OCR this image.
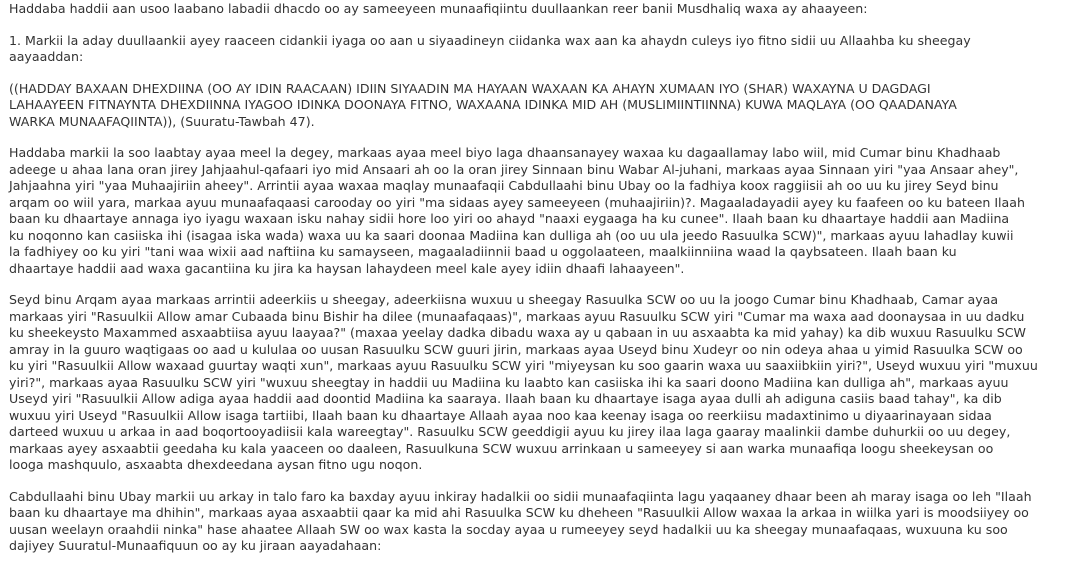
Haddaba haddii aan usoo laabano labadii dhacdo oo ay sameeyeen munaafiqiintu duullaankan reer banii Musdhaliq waxa ay ahaayeen:

1. Markii la aday duullaankii ayey raaceen cidankii iyaga oo aan u siyaadineyn ciidanka wax aan ka ahaydn culeys iyo fitno sidii uu Allaahba ku sheegay
aayaaddan:

((HADDAY BAXAAN DHEXDIINA (OO AY IDIN RAACAAN) IDIIN SIYAADIN MA HAYAAN WAXAAN KA AHAYN XUMAAN IYO (SHAR) WAXAYNA U DAGDAGI
LAHAAYEEN FITNAYNTA DHEXDIINNA IYAGOO IDINKA DOONAYA FITNO, WAXAANA IDINKA MID AH (MUSLIMIINTIINNA) KUWA MAQLAYA (OO QAADANAYA
WARKA MUNAAFAQIINTA)), (Suuratu-Tawbah 47).

Haddaba markii la soo laabtay ayaa meel la degey, markaas ayaa meel biyo laga dhaansanayey waxaa ku dagaallamay labo wiil, mid Cumar binu Khadhaab
adeege u ahaa lana oran jirey Jahjaahul-qafaari iyo mid Ansaari ah oo la oran jirey Sinnaan binu Wabar Al-juhani, markaas ayaa Sinnaan yiri "yaa Ansaar ahey",
Jahjaahna yiri "yaa Muhaajiriin aheey". Arrintii ayaa waxaa maqlay munaafaqii Cabdullaahi binu Ubay oo la fadhiya koox raggiisii ah oo uu ku jirey Seyd binu
arqam oo wiil yara, markaa ayuu munaafaqaasi carooday oo yiri "ma sidaas ayey sameeyeen (muhaajiriin)?. Magaaladayadii ayey ku faafeen oo ku bateen Ilaah
baan ku dhaartaye annaga iyo iyagu waxaan isku nahay sidii hore loo yiri oo ahayd "naaxi eygaaga ha ku cunee". Ilaah baan ku dhaartaye haddii aan Madiina
ku noqonno kan casiiska ihi (isagaa iska wada) waxa uu ka saari doonaa Madiina kan dulliga ah (oo uu ula jeedo Rasuulka SCW)", markaas ayuu lahadlay kuwii
la fadhiyey oo ku yiri "tani waa wixii aad naftiina ku samayseen, magaaladiinnii baad u oggolaateen, maalkiinniina waad la qaybsateen. Ilaah baan ku
dhaartaye haddii aad waxa gacantiina ku jira ka haysan lahaydeen meel kale ayey idiin dhaafi lahaayeen".

Seyd binu Arqam ayaa markaas arrintii adeerkiis u sheegay, adeerkiisna wuxuu u sheegay Rasuulka SCW oo uu la joogo Cumar binu Khadhaab, Camar ayaa
markaas yiri "Rasuulkii Allow amar Cubaada binu Bishir ha dilee (munaafaqaas)", markaas ayuu Rasuulku SCW yiri "Cumar ma waxa aad doonaysaa in uu dadku
ku sheekeysto Maxammed asxaabtiisa ayuu laayaa?" (maxaa yeelay dadka dibadu waxa ay u qabaan in uu asxaabta ka mid yahay) ka dib wuxuu Rasuulku SCW
amray in la guuro waqtigaas oo aad u kululaa oo uusan Rasuulku SCW guuri jirin, markaas ayaa Useyd binu Xudeyr oo nin odeya ahaa u yimid Rasuulka SCW oo
ku yiri "Rasuulkii Allow waxaad guurtay waqti xun", markaas ayuu Rasuulku SCW yiri "miyeysan ku soo gaarin waxa uu saaxiibkiin yiri?", Useyd wuxuu yiri "muxuu
yiri?", markaas ayaa Rasuulku SCW yiri "wuxuu sheegtay in haddii uu Madiina ku laabto kan casiiska ihi ka saari doono Madiina kan dulliga ah", markaas ayuu
Useyd yiri "Rasuulkii Allow adiga ayaa haddii aad doontid Madiina ka saaraya. Ilaah baan ku dhaartaye isaga ayaa dulli ah adiguna casiis baad tahay", ka dib
wuxuu yiri Useyd "Rasuulkii Allow isaga tartiibi, Ilaah baan ku dhaartaye Allaah ayaa noo kaa keenay isaga oo reerkiisu madaxtinimo u diyaarinayaan sidaa
darteed wuxuu u arkaa in aad boqortooyadiisii kala wareegtay". Rasuulku SCW geeddigii ayuu ku jirey ilaa laga gaaray maalinkii dambe duhurkii oo uu degey,
markaas ayey asxaabtii geedaha ku kala yaaceen oo daaleen, Rasuulkuna SCW wuxuu arrinkaan u sameeyey si aan warka munaafiqa loogu sheekeysan oo
looga mashquulo, asxaabta dhexdeedana aysan fitno ugu noqon.

Cabdullaahi binu Ubay markii uu arkay in talo faro ka baxday ayuu inkiray hadalkii oo sidii munaafaqiinta lagu yaqaaney dhaar been ah maray isaga oo leh "Ilaah
baan ku dhaartaye ma dhihin", markaas ayaa asxaabtii qaar ka mid ahi Rasuulka SCW ku dheheen "Rasuulkii Allow waxaa la arkaa in wiilka yari is moodsiiyey oo
uusan weelayn oraahdii ninka" hase ahaatee Allaah SW oo wax kasta la socday ayaa u rumeeyey seyd hadalkii uu ka sheegay munaafaqaas, wuxuuna ku soo
dajiyey Suuratul-Munaafiquun oo ay ku jiraan aayadahaan:
